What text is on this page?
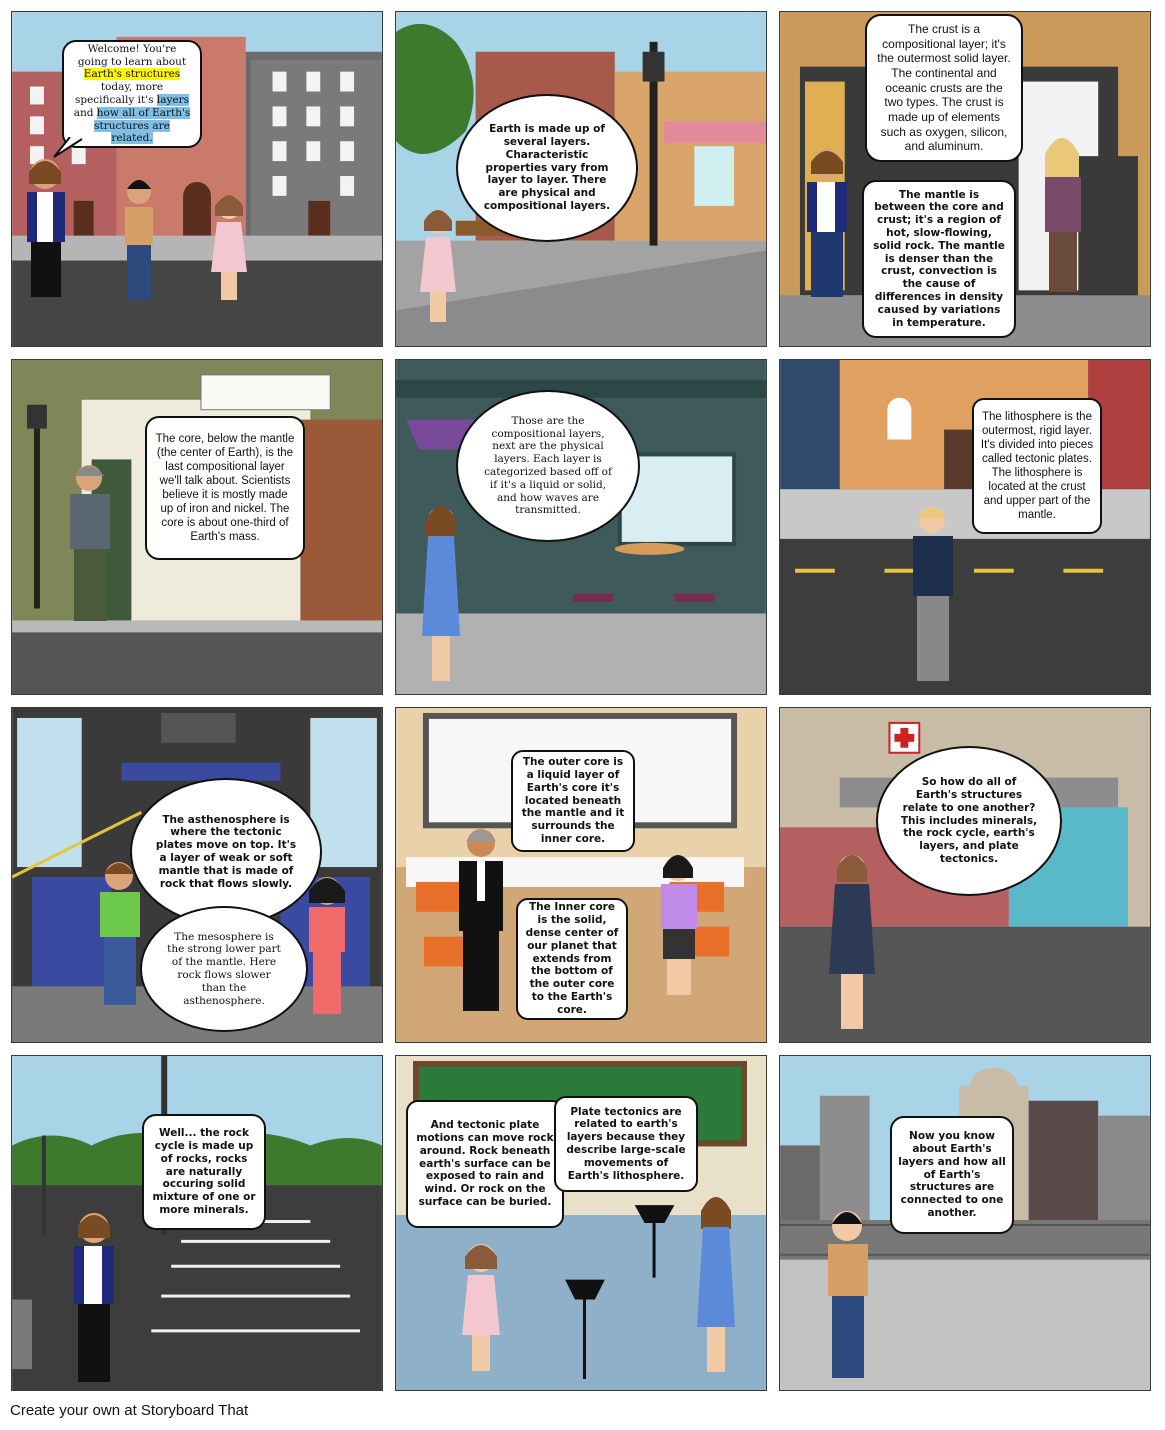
Welcome! You're going to learn about Earth's structures today, more specifically it's layers and how all of Earth's structures are related.
Earth is made up of several layers. Characteristic properties vary from layer to layer. There are physical and compositional layers.
The crust is a compositional layer; it's the outermost solid layer. The continental and oceanic crusts are the two types. The crust is made up of elements such as oxygen, silicon, and aluminum.
The mantle is between the core and crust; it's a region of hot, slow-flowing, solid rock. The mantle is denser than the crust, convection is the cause of differences in density caused by variations in temperature.
The core, below the mantle (the center of Earth), is the last compositional layer we'll talk about. Scientists believe it is mostly made up of iron and nickel. The core is about one-third of Earth's mass.
Those are the compositional layers, next are the physical layers. Each layer is categorized based off of if it's a liquid or solid, and how waves are transmitted.
The lithosphere is the outermost, rigid layer. It's divided into pieces called tectonic plates. The lithosphere is located at the crust and upper part of the mantle.
The asthenosphere is where the tectonic plates move on top. It's a layer of weak or soft mantle that is made of rock that flows slowly.
The mesosphere is the strong lower part of the mantle. Here rock flows slower than the asthenosphere.
The outer core is a liquid layer of Earth's core it's located beneath the mantle and it surrounds the inner core.
The Inner core is the solid, dense center of our planet that extends from the bottom of the outer core to the Earth's core.
So how do all of Earth's structures relate to one another? This includes minerals, the rock cycle, earth's layers, and plate tectonics.
Well... the rock cycle is made up of rocks, rocks are naturally occuring solid mixture of one or more minerals.
And tectonic plate motions can move rock around. Rock beneath earth's surface can be exposed to rain and wind. Or rock on the surface can be buried.
Plate tectonics are related to earth's layers because they describe large-scale movements of Earth's lithosphere.
Now you know about Earth's layers and how all of Earth's structures are connected to one another.
Create your own at Storyboard That
